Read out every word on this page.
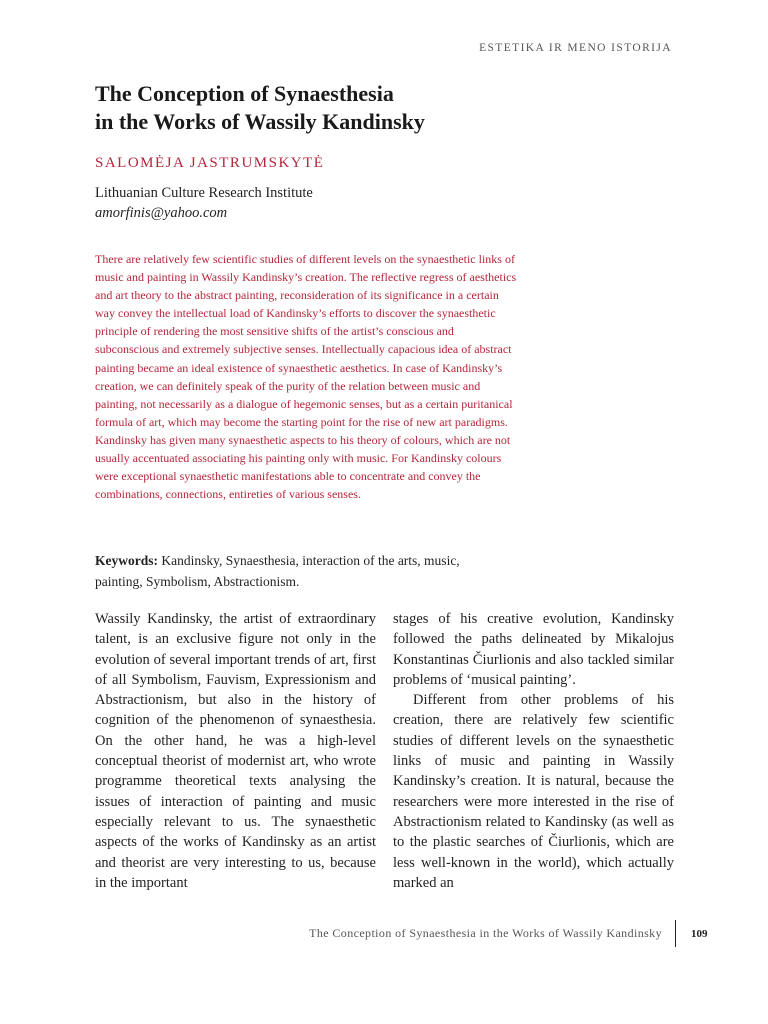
ESTETIKA IR MENO ISTORIJA
The Conception of Synaesthesia
in the Works of Wassily Kandinsky
SALOMĖJA JASTRUMSKYTĖ
Lithuanian Culture Research Institute
amorfinis@yahoo.com

There are relatively few scientific studies of different levels on the synaesthetic links of music and painting in Wassily Kandinsky’s creation. The reflective regress of aesthetics and art theory to the abstract painting, reconsideration of its significance in a certain way convey the intellectual load of Kandinsky’s efforts to discover the synaesthetic principle of rendering the most sensitive shifts of the artist’s conscious and subconscious and extremely subjective senses. Intellectually capacious idea of abstract painting became an ideal existence of synaesthetic aesthetics. In case of Kandinsky’s creation, we can definitely speak of the purity of the relation between music and painting, not necessarily as a dialogue of hegemonic senses, but as a certain puritanical formula of art, which may become the starting point for the rise of new art paradigms. Kandinsky has given many synaesthetic aspects to his theory of colours, which are not usually accentuated associating his painting only with music. For Kandinsky colours were exceptional synaesthetic manifestations able to concentrate and convey the combinations, connections, entireties of various senses.

Keywords: Kandinsky, Synaesthesia, interaction of the arts, music, painting, Symbolism, Abstractionism.

Wassily Kandinsky, the artist of extraordinary talent, is an exclusive figure not only in the evolution of several important trends of art, first of all Symbolism, Fauvism, Expressionism and Abstractionism, but also in the history of cognition of the phenomenon of synaesthesia. On the other hand, he was a high-level conceptual theorist of modernist art, who wrote programme theoretical texts analysing the issues of interaction of painting and music especially relevant to us. The synaesthetic aspects of the works of Kandinsky as an artist and theorist are very interesting to us, because in the important

stages of his creative evolution, Kandinsky followed the paths delineated by Mikalojus Konstantinas Čiurlionis and also tackled similar problems of ‘musical painting’.

Different from other problems of his creation, there are relatively few scientific studies of different levels on the synaesthetic links of music and painting in Wassily Kandinsky’s creation. It is natural, because the researchers were more interested in the rise of Abstractionism related to Kandinsky (as well as to the plastic searches of Čiurlionis, which are less well-known in the world), which actually marked an

The Conception of Synaesthesia in the Works of Wassily Kandinsky	109
